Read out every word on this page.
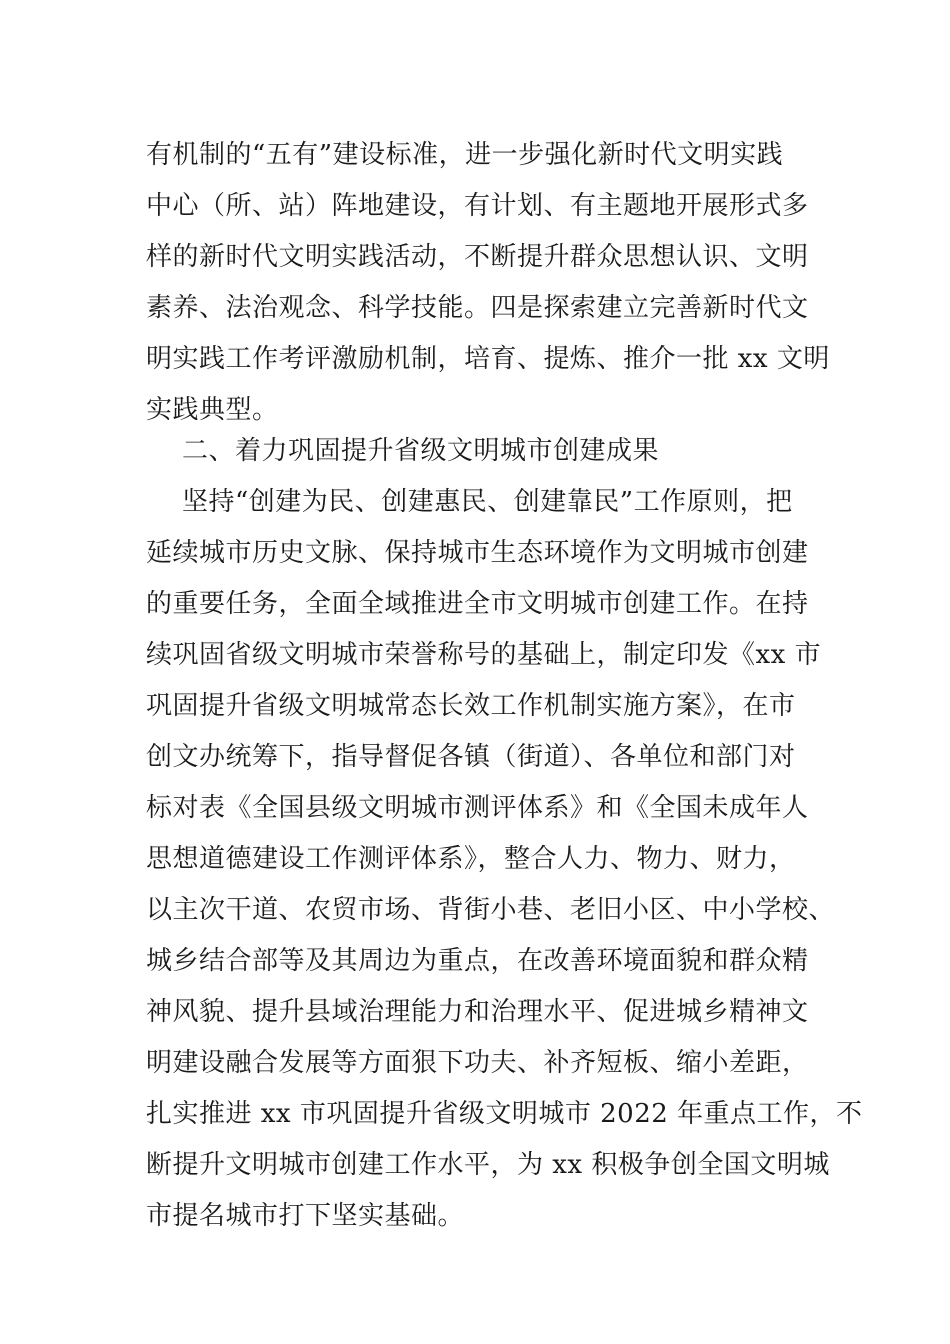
有机制的“五有”建设标准，进一步强化新时代文明实践
中心（所、站）阵地建设，有计划、有主题地开展形式多
样的新时代文明实践活动，不断提升群众思想认识、文明
素养、法治观念、科学技能。四是探索建立完善新时代文
明实践工作考评激励机制，培育、提炼、推介一批 xx 文明
实践典型。
二、着力巩固提升省级文明城市创建成果
坚持“创建为民、创建惠民、创建靠民”工作原则，把
延续城市历史文脉、保持城市生态环境作为文明城市创建
的重要任务，全面全域推进全市文明城市创建工作。在持
续巩固省级文明城市荣誉称号的基础上，制定印发《xx 市
巩固提升省级文明城常态长效工作机制实施方案》，在市
创文办统筹下，指导督促各镇（街道）、各单位和部门对
标对表《全国县级文明城市测评体系》和《全国未成年人
思想道德建设工作测评体系》，整合人力、物力、财力，
以主次干道、农贸市场、背街小巷、老旧小区、中小学校、
城乡结合部等及其周边为重点，在改善环境面貌和群众精
神风貌、提升县域治理能力和治理水平、促进城乡精神文
明建设融合发展等方面狠下功夫、补齐短板、缩小差距，
扎实推进 xx 市巩固提升省级文明城市 2022 年重点工作，不
断提升文明城市创建工作水平，为 xx 积极争创全国文明城
市提名城市打下坚实基础。
